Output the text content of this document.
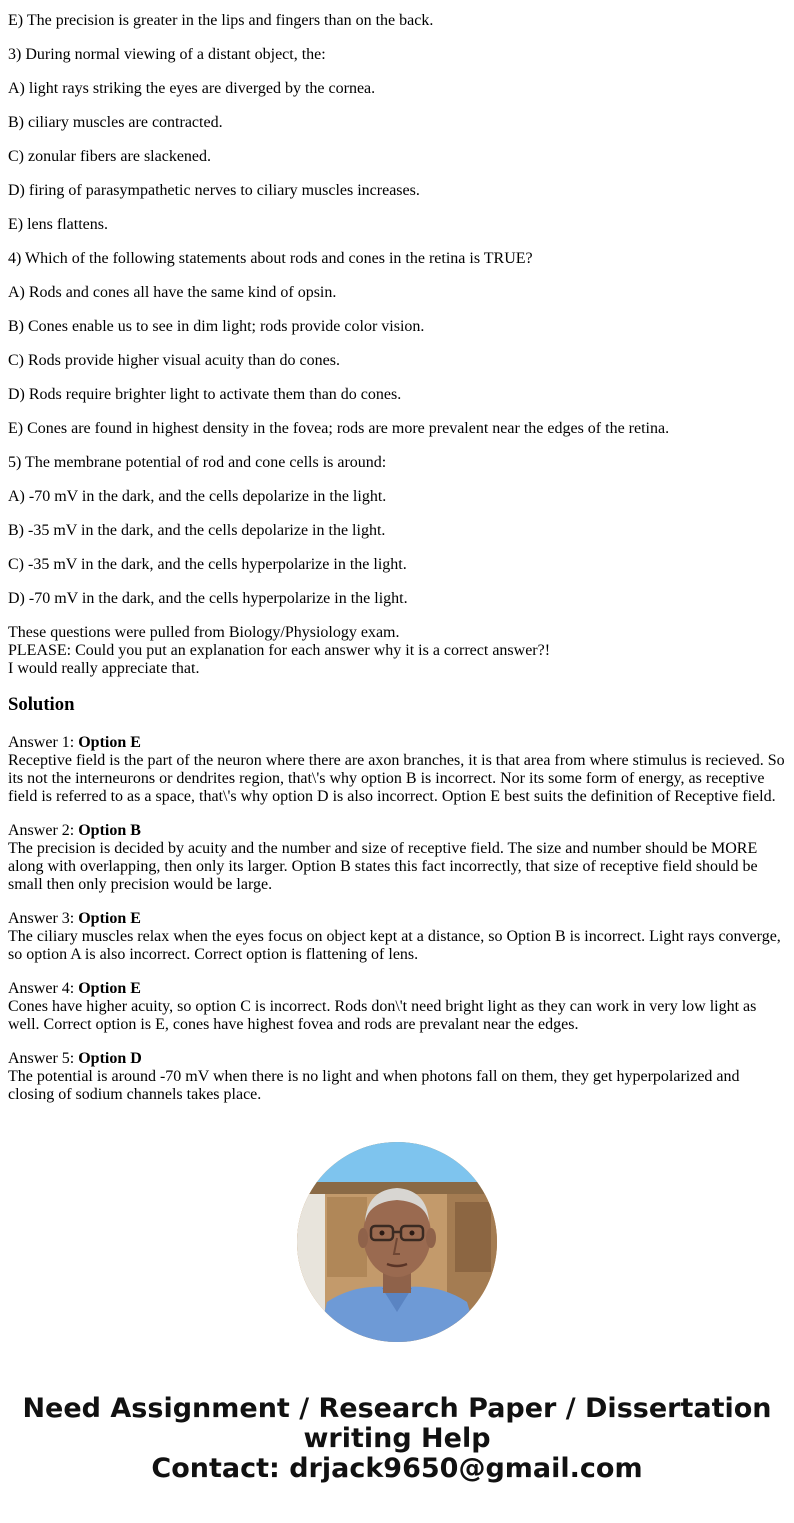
E) The precision is greater in the lips and fingers than on the back.

3) During normal viewing of a distant object, the:

A) light rays striking the eyes are diverged by the cornea.

B) ciliary muscles are contracted.

C) zonular fibers are slackened.

D) firing of parasympathetic nerves to ciliary muscles increases.

E) lens flattens.

4) Which of the following statements about rods and cones in the retina is TRUE?

A) Rods and cones all have the same kind of opsin.

B) Cones enable us to see in dim light; rods provide color vision.

C) Rods provide higher visual acuity than do cones.

D) Rods require brighter light to activate them than do cones.

E) Cones are found in highest density in the fovea; rods are more prevalent near the edges of the retina.

5) The membrane potential of rod and cone cells is around:

A) -70 mV in the dark, and the cells depolarize in the light.

B) -35 mV in the dark, and the cells depolarize in the light.

C) -35 mV in the dark, and the cells hyperpolarize in the light.

D) -70 mV in the dark, and the cells hyperpolarize in the light.

These questions were pulled from Biology/Physiology exam.
PLEASE: Could you put an explanation for each answer why it is a correct answer?!
I would really appreciate that.
Solution
Answer 1: Option E
Receptive field is the part of the neuron where there are axon branches, it is that area from where stimulus is recieved. So its not the interneurons or dendrites region, that\'s why option B is incorrect. Nor its some form of energy, as receptive field is referred to as a space, that\'s why option D is also incorrect. Option E best suits the definition of Receptive field.
Answer 2: Option B
The precision is decided by acuity and the number and size of receptive field. The size and number should be MORE along with overlapping, then only its larger. Option B states this fact incorrectly, that size of receptive field should be small then only precision would be large.
Answer 3: Option E
The ciliary muscles relax when the eyes focus on object kept at a distance, so Option B is incorrect. Light rays converge, so option A is also incorrect. Correct option is flattening of lens.
Answer 4: Option E
Cones have higher acuity, so option C is incorrect. Rods don\'t need bright light as they can work in very low light as well. Correct option is E, cones have highest fovea and rods are prevalant near the edges.
Answer 5: Option D
The potential is around -70 mV when there is no light and when photons fall on them, they get hyperpolarized and closing of sodium channels takes place.
Need Assignment / Research Paper / Dissertation writing Help
Contact: drjack9650@gmail.com
